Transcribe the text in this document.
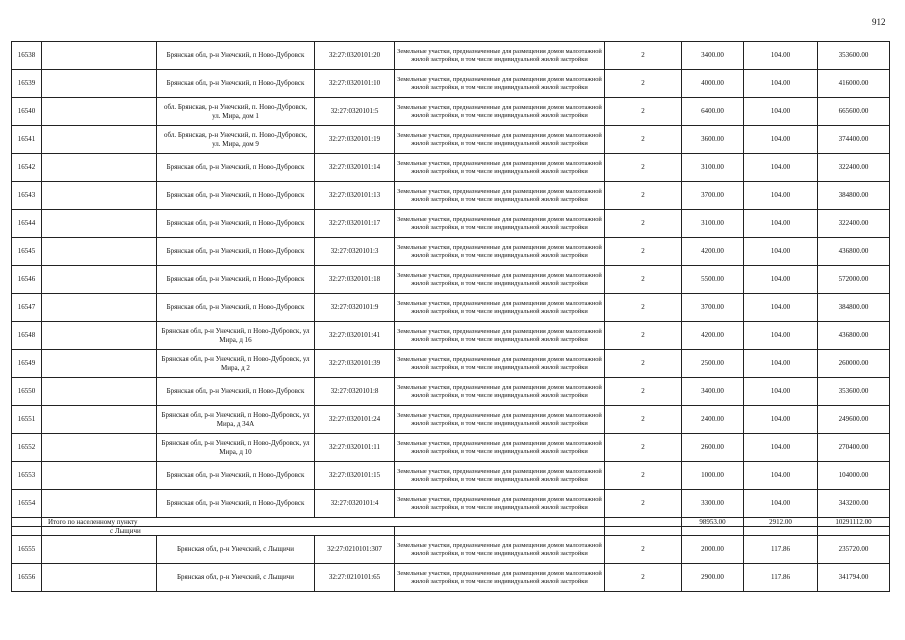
912
16538		Брянская обл, р-н Унечский, п Ново-Дубровск	32:27:0320101:20	Земельные участки, предназначенные для размещения домов малоэтажной жилой застройки, в том числе индивидуальной жилой застройки	2	3400.00	104.00	353600.00
16539		Брянская обл, р-н Унечский, п Ново-Дубровск	32:27:0320101:10	Земельные участки, предназначенные для размещения домов малоэтажной жилой застройки, в том числе индивидуальной жилой застройки	2	4000.00	104.00	416000.00
16540		обл. Брянская, р-н Унечский, п. Ново-Дубровск, ул. Мира, дом 1	32:27:0320101:5	Земельные участки, предназначенные для размещения домов малоэтажной жилой застройки, в том числе индивидуальной жилой застройки	2	6400.00	104.00	665600.00
16541		обл. Брянская, р-н Унечский, п. Ново-Дубровск, ул. Мира, дом 9	32:27:0320101:19	Земельные участки, предназначенные для размещения домов малоэтажной жилой застройки, в том числе индивидуальной жилой застройки	2	3600.00	104.00	374400.00
16542		Брянская обл, р-н Унечский, п Ново-Дубровск	32:27:0320101:14	Земельные участки, предназначенные для размещения домов малоэтажной жилой застройки, в том числе индивидуальной жилой застройки	2	3100.00	104.00	322400.00
16543		Брянская обл, р-н Унечский, п Ново-Дубровск	32:27:0320101:13	Земельные участки, предназначенные для размещения домов малоэтажной жилой застройки, в том числе индивидуальной жилой застройки	2	3700.00	104.00	384800.00
16544		Брянская обл, р-н Унечский, п Ново-Дубровск	32:27:0320101:17	Земельные участки, предназначенные для размещения домов малоэтажной жилой застройки, в том числе индивидуальной жилой застройки	2	3100.00	104.00	322400.00
16545		Брянская обл, р-н Унечский, п Ново-Дубровск	32:27:0320101:3	Земельные участки, предназначенные для размещения домов малоэтажной жилой застройки, в том числе индивидуальной жилой застройки	2	4200.00	104.00	436800.00
16546		Брянская обл, р-н Унечский, п Ново-Дубровск	32:27:0320101:18	Земельные участки, предназначенные для размещения домов малоэтажной жилой застройки, в том числе индивидуальной жилой застройки	2	5500.00	104.00	572000.00
16547		Брянская обл, р-н Унечский, п Ново-Дубровск	32:27:0320101:9	Земельные участки, предназначенные для размещения домов малоэтажной жилой застройки, в том числе индивидуальной жилой застройки	2	3700.00	104.00	384800.00
16548		Брянская обл, р-н Унечский, п Ново-Дубровск, ул Мира, д 16	32:27:0320101:41	Земельные участки, предназначенные для размещения домов малоэтажной жилой застройки, в том числе индивидуальной жилой застройки	2	4200.00	104.00	436800.00
16549		Брянская обл, р-н Унечский, п Ново-Дубровск, ул Мира, д 2	32:27:0320101:39	Земельные участки, предназначенные для размещения домов малоэтажной жилой застройки, в том числе индивидуальной жилой застройки	2	2500.00	104.00	260000.00
16550		Брянская обл, р-н Унечский, п Ново-Дубровск	32:27:0320101:8	Земельные участки, предназначенные для размещения домов малоэтажной жилой застройки, в том числе индивидуальной жилой застройки	2	3400.00	104.00	353600.00
16551		Брянская обл, р-н Унечский, п Ново-Дубровск, ул Мира, д 34А	32:27:0320101:24	Земельные участки, предназначенные для размещения домов малоэтажной жилой застройки, в том числе индивидуальной жилой застройки	2	2400.00	104.00	249600.00
16552		Брянская обл, р-н Унечский, п Ново-Дубровск, ул Мира, д 10	32:27:0320101:11	Земельные участки, предназначенные для размещения домов малоэтажной жилой застройки, в том числе индивидуальной жилой застройки	2	2600.00	104.00	270400.00
16553		Брянская обл, р-н Унечский, п Ново-Дубровск	32:27:0320101:15	Земельные участки, предназначенные для размещения домов малоэтажной жилой застройки, в том числе индивидуальной жилой застройки	2	1000.00	104.00	104000.00
16554		Брянская обл, р-н Унечский, п Ново-Дубровск	32:27:0320101:4	Земельные участки, предназначенные для размещения домов малоэтажной жилой застройки, в том числе индивидуальной жилой застройки	2	3300.00	104.00	343200.00
	Итого по населенному пункту					98953.00	2912.00	10291112.00
	с Лыщичи							
16555		Брянская обл, р-н Унечский, с Лыщичи	32:27:0210101:307	Земельные участки, предназначенные для размещения домов малоэтажной жилой застройки, в том числе индивидуальной жилой застройки	2	2000.00	117.86	235720.00
16556		Брянская обл, р-н Унечский, с Лыщичи	32:27:0210101:65	Земельные участки, предназначенные для размещения домов малоэтажной жилой застройки, в том числе индивидуальной жилой застройки	2	2900.00	117.86	341794.00
